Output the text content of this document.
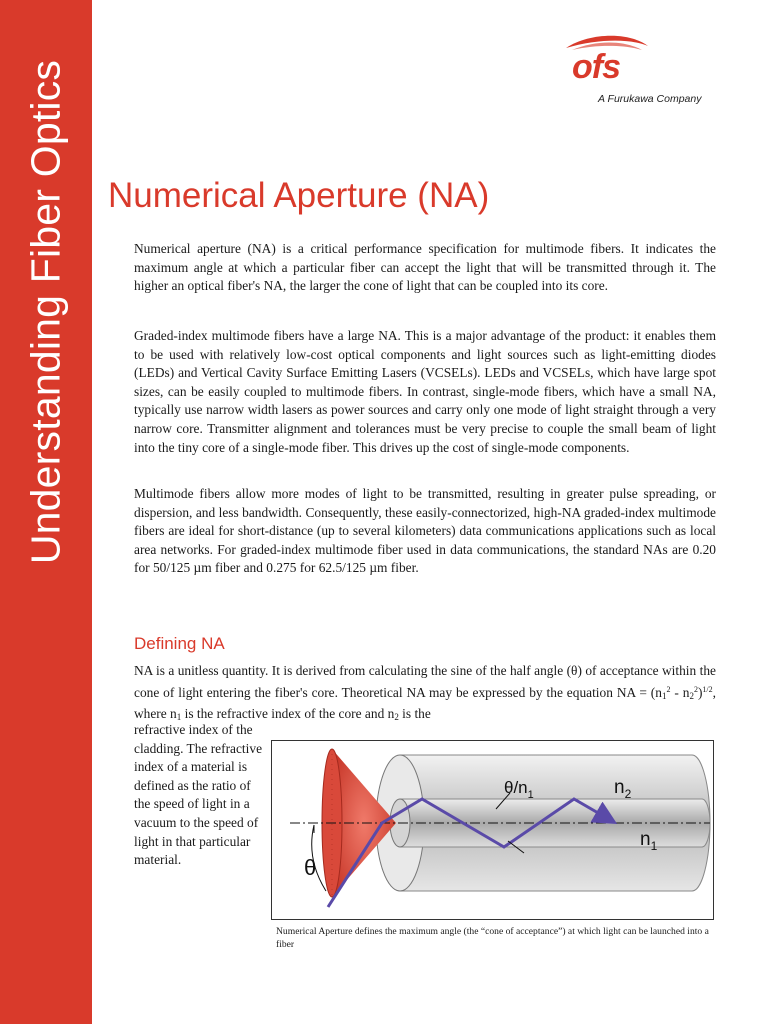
Understanding Fiber Optics	ofs
A Furukawa Company
Numerical Aperture (NA)

Numerical aperture (NA) is a critical performance specification for multimode fibers. It indicates the maximum angle at which a particular fiber can accept the light that will be transmitted through it. The higher an optical fiber's NA, the larger the cone of light that can be coupled into its core.

Graded-index multimode fibers have a large NA. This is a major advantage of the product: it enables them to be used with relatively low-cost optical components and light sources such as light-emitting diodes (LEDs) and Vertical Cavity Surface Emitting Lasers (VCSELs). LEDs and VCSELs, which have large spot sizes, can be easily coupled to multimode fibers. In contrast, single-mode fibers, which have a small NA, typically use narrow width lasers as power sources and carry only one mode of light straight through a very narrow core. Transmitter alignment and tolerances must be very precise to couple the small beam of light into the tiny core of a single-mode fiber. This drives up the cost of single-mode components.

Multimode fibers allow more modes of light to be transmitted, resulting in greater pulse spreading, or dispersion, and less bandwidth. Consequently, these easily-connectorized, high-NA graded-index multimode fibers are ideal for short-distance (up to several kilometers) data communications applications such as local area networks. For graded-index multimode fiber used in data communications, the standard NAs are 0.20 for 50/125 µm fiber and 0.275 for 62.5/125 µm fiber.

Defining NA

NA is a unitless quantity. It is derived from calculating the sine of the half angle (θ) of acceptance within the cone of light entering the fiber's core. Theoretical NA may be expressed by the equation NA = $(n_1^2 - n_2^2)^{1/2}$, where $n_1$ is the refractive index of the core and $n_2$ is the

refractive index of the cladding. The refractive index of a material is defined as the ratio of the speed of light in a vacuum to the speed of light in that particular material.

$\theta/n_1$	$n_2$
$n_1$
θ

Numerical Aperture defines the maximum angle (the “cone of acceptance”) at which light can be launched into a fiber
